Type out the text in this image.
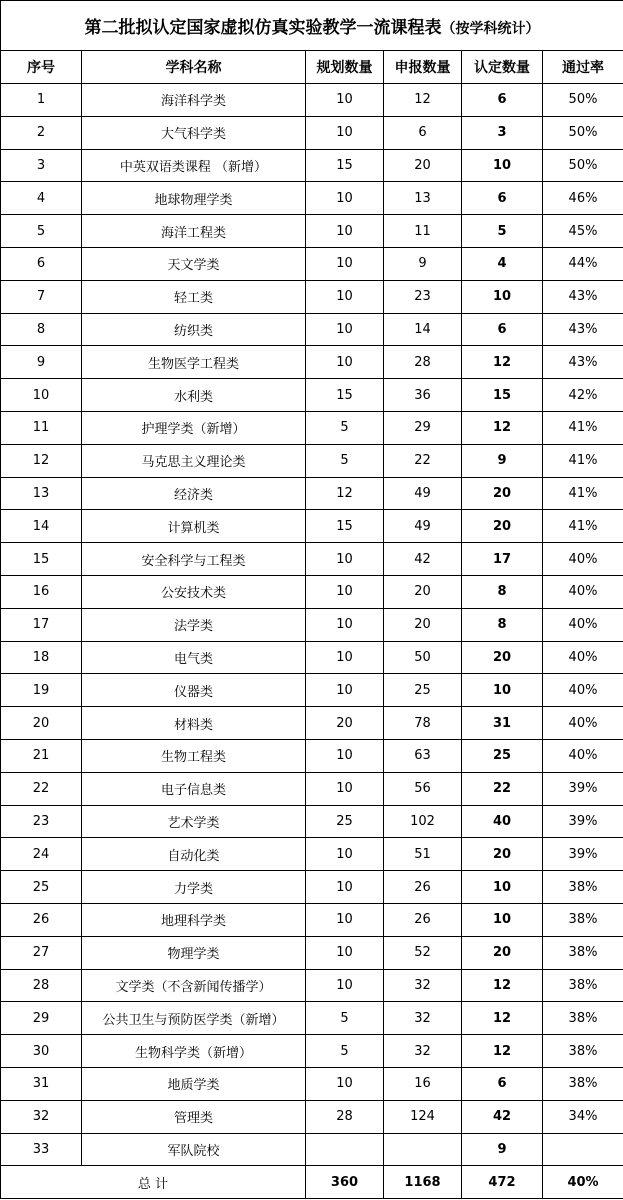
第二批拟认定国家虚拟仿真实验教学一流课程表（按学科统计）					
序号	学科名称	规划数量	申报数量	认定数量	通过率
1	海洋科学类	10	12	6	50%
2	大气科学类	10	6	3	50%
3	中英双语类课程 （新增）	15	20	10	50%
4	地球物理学类	10	13	6	46%
5	海洋工程类	10	11	5	45%
6	天文学类	10	9	4	44%
7	轻工类	10	23	10	43%
8	纺织类	10	14	6	43%
9	生物医学工程类	10	28	12	43%
10	水利类	15	36	15	42%
11	护理学类（新增）	5	29	12	41%
12	马克思主义理论类	5	22	9	41%
13	经济类	12	49	20	41%
14	计算机类	15	49	20	41%
15	安全科学与工程类	10	42	17	40%
16	公安技术类	10	20	8	40%
17	法学类	10	20	8	40%
18	电气类	10	50	20	40%
19	仪器类	10	25	10	40%
20	材料类	20	78	31	40%
21	生物工程类	10	63	25	40%
22	电子信息类	10	56	22	39%
23	艺术学类	25	102	40	39%
24	自动化类	10	51	20	39%
25	力学类	10	26	10	38%
26	地理科学类	10	26	10	38%
27	物理学类	10	52	20	38%
28	文学类（不含新闻传播学）	10	32	12	38%
29	公共卫生与预防医学类（新增）	5	32	12	38%
30	生物科学类（新增）	5	32	12	38%
31	地质学类	10	16	6	38%
32	管理类	28	124	42	34%
33	军队院校			9	
总 计		360	1168	472	40%
